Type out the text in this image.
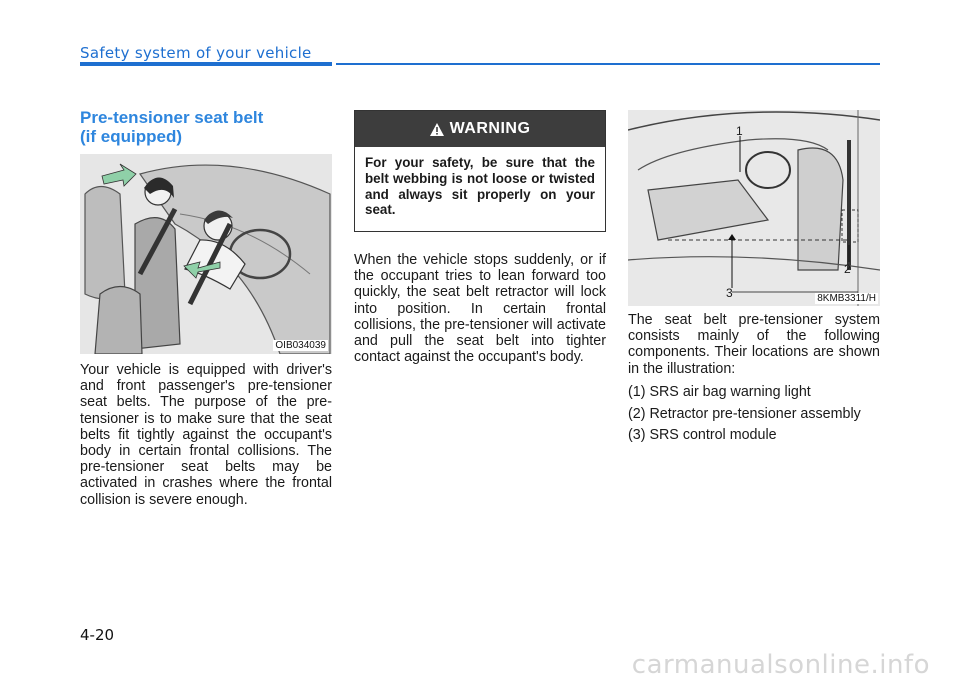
Safety system of your vehicle
Pre-tensioner seat belt
(if equipped)
OIB034039
Your vehicle is equipped with driver's and front passenger's pre-tensioner seat belts. The purpose of the pre-tensioner is to make sure that the seat belts fit tightly against the occupant's body in certain frontal collisions. The pre-tensioner seat belts may be activated in crashes where the frontal collision is severe enough.
WARNING
For your safety, be sure that the belt webbing is not loose or twisted and always sit properly on your seat.
When the vehicle stops suddenly, or if the occupant tries to lean forward too quickly, the seat belt retractor will lock into position. In certain frontal collisions, the pre-tensioner will activate and pull the seat belt into tighter contact against the occupant's body.
1
2
3	8KMB3311/H
The seat belt pre-tensioner system consists mainly of the following components. Their locations are shown in the illustration:
(1) SRS air bag warning light
(2) Retractor pre-tensioner assembly
(3) SRS control module
4-20
carmanualsonline.info
